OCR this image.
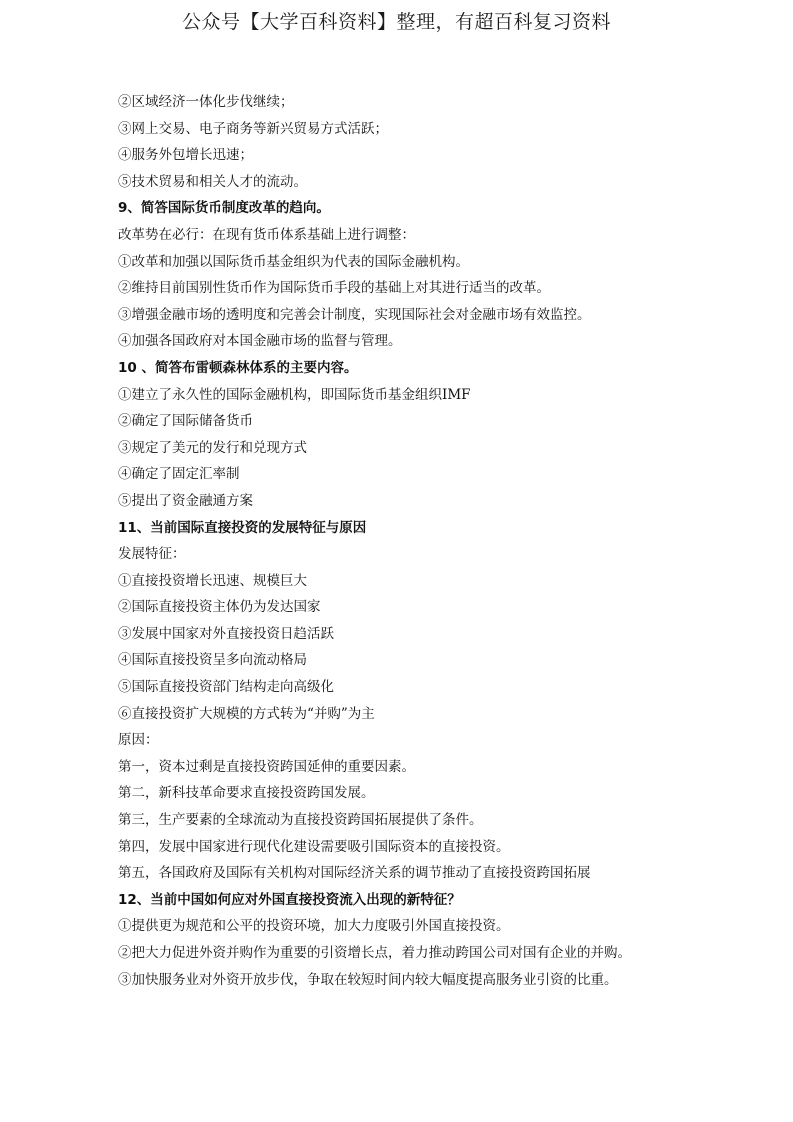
公众号【大学百科资料】整理，有超百科复习资料
②区域经济一体化步伐继续；
③网上交易、电子商务等新兴贸易方式活跃；
④服务外包增长迅速；
⑤技术贸易和相关人才的流动。
9、简答国际货币制度改革的趋向。
改革势在必行：在现有货币体系基础上进行调整：
①改革和加强以国际货币基金组织为代表的国际金融机构。
②维持目前国别性货币作为国际货币手段的基础上对其进行适当的改革。
③增强金融市场的透明度和完善会计制度，实现国际社会对金融市场有效监控。
④加强各国政府对本国金融市场的监督与管理。
10 、简答布雷顿森林体系的主要内容。
①建立了永久性的国际金融机构，即国际货币基金组织IMF
②确定了国际储备货币
③规定了美元的发行和兑现方式
④确定了固定汇率制
⑤提出了资金融通方案
11、当前国际直接投资的发展特征与原因
发展特征：
①直接投资增长迅速、规模巨大
②国际直接投资主体仍为发达国家
③发展中国家对外直接投资日趋活跃
④国际直接投资呈多向流动格局
⑤国际直接投资部门结构走向高级化
⑥直接投资扩大规模的方式转为“并购”为主
原因：
第一，资本过剩是直接投资跨国延伸的重要因素。
第二，新科技革命要求直接投资跨国发展。
第三，生产要素的全球流动为直接投资跨国拓展提供了条件。
第四，发展中国家进行现代化建设需要吸引国际资本的直接投资。
第五，各国政府及国际有关机构对国际经济关系的调节推动了直接投资跨国拓展
12、当前中国如何应对外国直接投资流入出现的新特征？
①提供更为规范和公平的投资环境，加大力度吸引外国直接投资。
②把大力促进外资并购作为重要的引资增长点，着力推动跨国公司对国有企业的并购。
③加快服务业对外资开放步伐，争取在较短时间内较大幅度提高服务业引资的比重。
